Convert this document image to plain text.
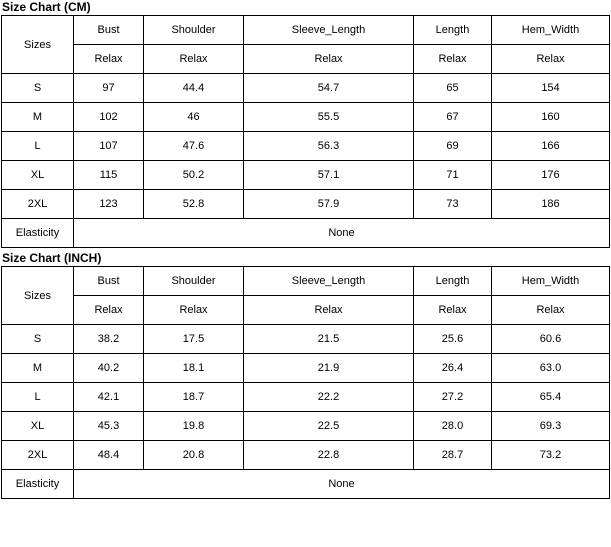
Size Chart (CM)
Sizes	Bust	Shoulder	Sleeve_Length	Length	Hem_Width
	Relax	Relax	Relax	Relax	Relax
S	97	44.4	54.7	65	154
M	102	46	55.5	67	160
L	107	47.6	56.3	69	166
XL	115	50.2	57.1	71	176
2XL	123	52.8	57.9	73	186
Elasticity	None				
Size Chart (INCH)
Sizes	Bust	Shoulder	Sleeve_Length	Length	Hem_Width
	Relax	Relax	Relax	Relax	Relax
S	38.2	17.5	21.5	25.6	60.6
M	40.2	18.1	21.9	26.4	63.0
L	42.1	18.7	22.2	27.2	65.4
XL	45.3	19.8	22.5	28.0	69.3
2XL	48.4	20.8	22.8	28.7	73.2
Elasticity	None				
